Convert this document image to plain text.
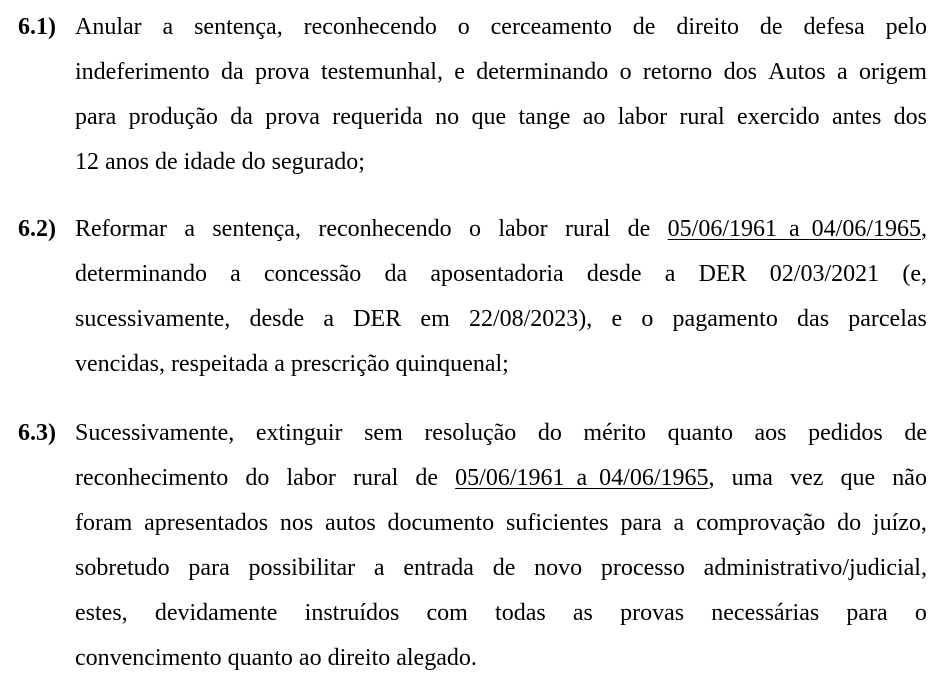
6.1) Anular a sentença, reconhecendo o cerceamento de direito de defesa pelo
indeferimento da prova testemunhal, e determinando o retorno dos Autos a origem
para produção da prova requerida no que tange ao labor rural exercido antes dos
12 anos de idade do segurado;
6.2) Reformar a sentença, reconhecendo o labor rural de 05/06/1961  a  04/06/1965,
determinando a concessão da aposentadoria desde a DER 02/03/2021 (e,
sucessivamente, desde a DER em 22/08/2023), e o pagamento das parcelas
vencidas, respeitada a prescrição quinquenal;
6.3) Sucessivamente, extinguir sem resolução do mérito quanto aos pedidos de
reconhecimento do labor rural de 05/06/1961  a  04/06/1965, uma vez que não
foram apresentados nos autos documento suficientes para a comprovação do juízo,
sobretudo para possibilitar a entrada de novo processo administrativo/judicial,
estes, devidamente instruídos com todas as provas necessárias para o
convencimento quanto ao direito alegado.
